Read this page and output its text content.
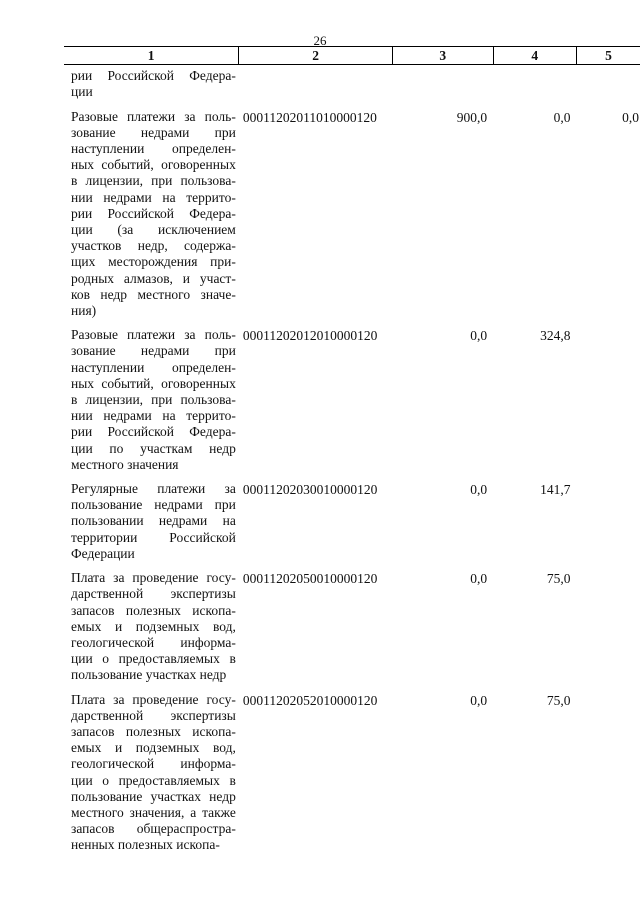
26
1	2	3	4	5
рии Российской Федера- ции				
Разовые платежи за поль- зование недрами при наступлении определен- ных событий, оговоренных в лицензии, при пользова- нии недрами на террито- рии Российской Федера- ции (за исключением участков недр, содержа- щих месторождения при- родных алмазов, и участ- ков недр местного значе- ния)	00011202011010000120	900,0	0,0	0,0
Разовые платежи за поль- зование недрами при наступлении определен- ных событий, оговоренных в лицензии, при пользова- нии недрами на террито- рии Российской Федера- ции по участкам недр местного значения	00011202012010000120	0,0	324,8	
Регулярные платежи за пользование недрами при пользовании недрами на территории Российской Федерации	00011202030010000120	0,0	141,7	
Плата за проведение госу- дарственной экспертизы запасов полезных ископа- емых и подземных вод, геологической информа- ции о предоставляемых в пользование участках недр	00011202050010000120	0,0	75,0	
Плата за проведение госу- дарственной экспертизы запасов полезных ископа- емых и подземных вод, геологической информа- ции о предоставляемых в пользование участках недр местного значения, а также запасов общераспростра- ненных полезных ископа-	00011202052010000120	0,0	75,0	
